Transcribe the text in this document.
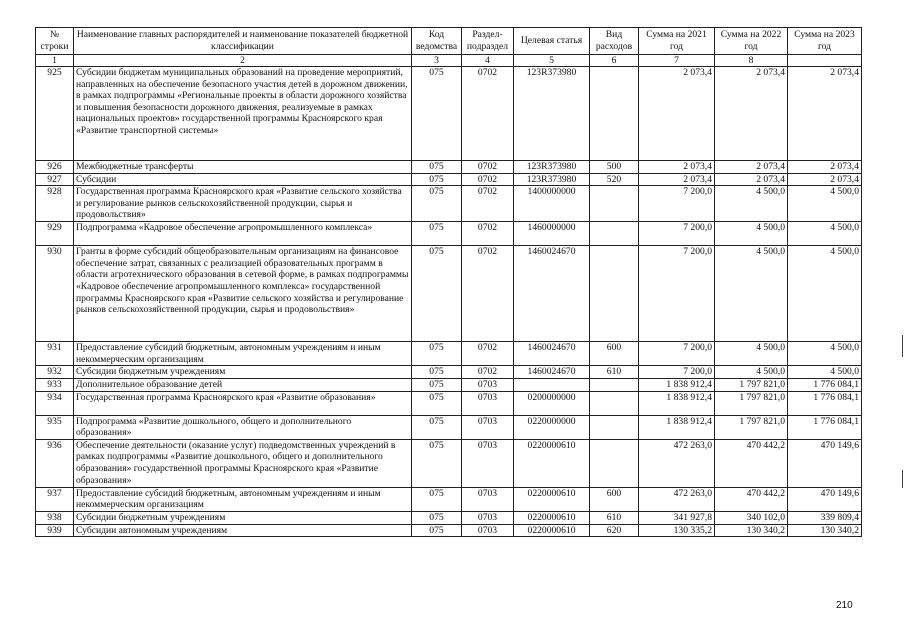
№ строки	Наименование главных распорядителей и наименование показателей бюджетной классификации	Код ведомства	Раздел-подраздел	Целевая статья	Вид расходов	Сумма на 2021 год	Сумма на 2022 год	Сумма на 2023 год
1	2	3	4	5	6	7	8	
925	Субсидии бюджетам муниципальных образований на проведение мероприятий, направленных на обеспечение безопасного участия детей в дорожном движении, в рамках подпрограммы «Региональные проекты в области дорожного хозяйства и повышения безопасности дорожного движения, реализуемые в рамках национальных проектов» государственной программы Красноярского края «Развитие транспортной системы»	075	0702	123R373980		2 073,4	2 073,4	2 073,4
926	Межбюджетные трансферты	075	0702	123R373980	500	2 073,4	2 073,4	2 073,4
927	Субсидии	075	0702	123R373980	520	2 073,4	2 073,4	2 073,4
928	Государственная программа Красноярского края «Развитие сельского хозяйства и регулирование рынков сельскохозяйственной продукции, сырья и продовольствия»	075	0702	1400000000		7 200,0	4 500,0	4 500,0
929	Подпрограмма «Кадровое обеспечение агропромышленного комплекса»	075	0702	1460000000		7 200,0	4 500,0	4 500,0
930	Гранты в форме субсидий общеобразовательным организациям на финансовое обеспечение затрат, связанных с реализацией образовательных программ в области агротехнического образования в сетевой форме, в рамках подпрограммы «Кадровое обеспечение агропромышленного комплекса» государственной программы Красноярского края «Развитие сельского хозяйства и регулирование рынков сельскохозяйственной продукции, сырья и продовольствия»	075	0702	1460024670		7 200,0	4 500,0	4 500,0
931	Предоставление субсидий бюджетным, автономным учреждениям и иным некоммерческим организациям	075	0702	1460024670	600	7 200,0	4 500,0	4 500,0
932	Субсидии бюджетным учреждениям	075	0702	1460024670	610	7 200,0	4 500,0	4 500,0
933	Дополнительное образование детей	075	0703			1 838 912,4	1 797 821,0	1 776 084,1
934	Государственная программа Красноярского края «Развитие образования»	075	0703	0200000000		1 838 912,4	1 797 821,0	1 776 084,1
935	Подпрограмма «Развитие дошкольного, общего и дополнительного образования»	075	0703	0220000000		1 838 912,4	1 797 821,0	1 776 084,1
936	Обеспечение деятельности (оказание услуг) подведомственных учреждений в рамках подпрограммы «Развитие дошкольного, общего и дополнительного образования» государственной программы Красноярского края «Развитие образования»	075	0703	0220000610		472 263,0	470 442,2	470 149,6
937	Предоставление субсидий бюджетным, автономным учреждениям и иным некоммерческим организациям	075	0703	0220000610	600	472 263,0	470 442,2	470 149,6
938	Субсидии бюджетным учреждениям	075	0703	0220000610	610	341 927,8	340 102,0	339 809,4
939	Субсидии автономным учреждениям	075	0703	0220000610	620	130 335,2	130 340,2	130 340,2
210
